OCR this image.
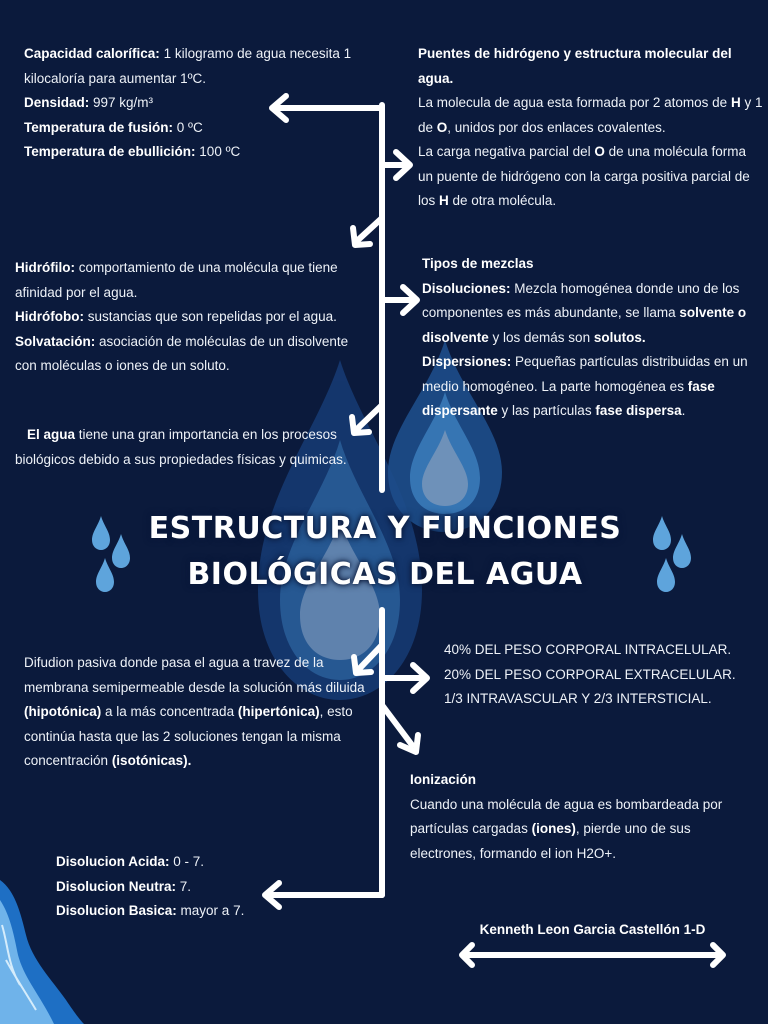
Capacidad calorífica: 1 kilogramo de agua necesita 1 kilocaloría para aumentar 1ºC.

Densidad: 997 kg/m³

Temperatura de fusión: 0 ºC

Temperatura de ebullición: 100 ºC

Puentes de hidrógeno y estructura molecular del agua.

La molecula de agua esta formada por 2 atomos de H y 1 de O, unidos por dos enlaces covalentes.

La carga negativa parcial del O de una molécula forma un puente de hidrógeno con la carga positiva parcial de los H de otra molécula.

Hidrófilo: comportamiento de una molécula que tiene afinidad por el agua.

Hidrófobo: sustancias que son repelidas por el agua.

Solvatación: asociación de moléculas de un disolvente con moléculas o iones de un soluto.

Tipos de mezclas

Disoluciones: Mezcla homogénea donde uno de los componentes es más abundante, se llama solvente o disolvente y los demás son solutos.

Dispersiones: Pequeñas partículas distribuidas en un medio homogéneo. La parte homogénea es fase dispersante y las partículas fase dispersa.

El agua tiene una gran importancia en los procesos biológicos debido a sus propiedades físicas y quimicas.

ESTRUCTURA Y FUNCIONES
BIOLÓGICAS DEL AGUA

Difudion pasiva donde pasa el agua a travez de la membrana semipermeable desde la solución más diluida (hipotónica) a la más concentrada (hipertónica), esto continúa hasta que las 2 soluciones tengan la misma concentración (isotónicas).

40% DEL PESO CORPORAL INTRACELULAR.

20% DEL PESO CORPORAL EXTRACELULAR.

1/3 INTRAVASCULAR Y 2/3 INTERSTICIAL.

Ionización

Cuando una molécula de agua es bombardeada por partículas cargadas (iones), pierde uno de sus electrones, formando el ion H2O+.

Disolucion Acida: 0 - 7.

Disolucion Neutra: 7.

Disolucion Basica: mayor a 7.

Kenneth Leon Garcia Castellón 1-D
